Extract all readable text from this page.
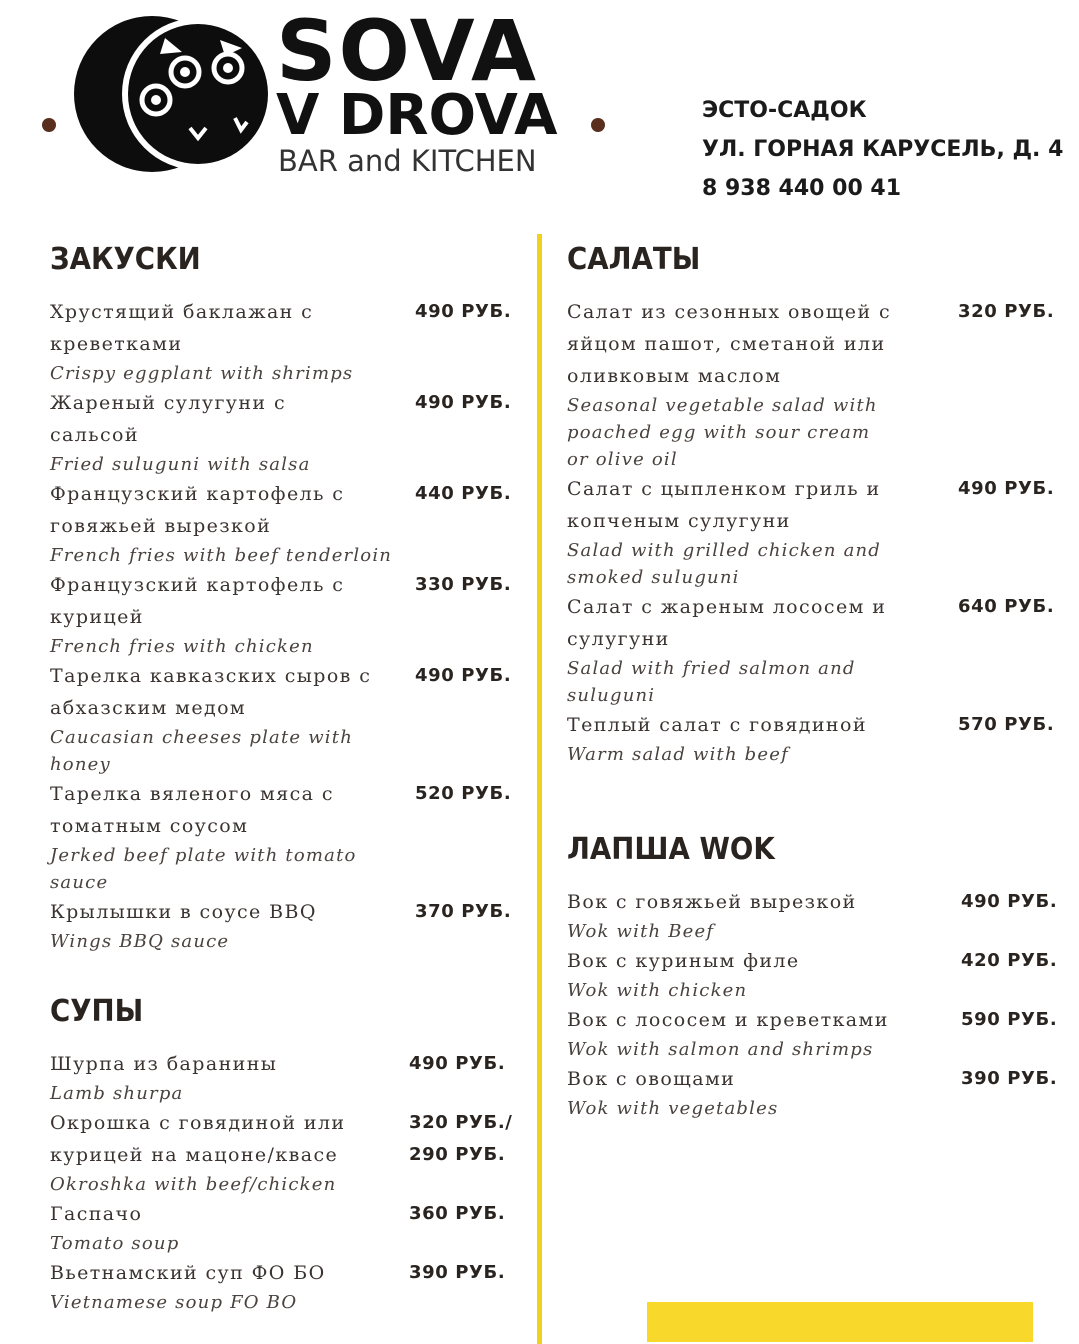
SOVA
V DROVA
BAR and KITCHEN
ЭСТО-САДОК
УЛ. ГОРНАЯ КАРУСЕЛЬ, Д. 4
8 938 440 00 41
ЗАКУСКИ
Хрустящий баклажан с
креветками
Crispy eggplant with shrimps
490 РУБ.
Жареный сулугуни с
сальсой
Fried suluguni with salsa
490 РУБ.
Французский картофель с
говяжьей вырезкой
French fries with beef tenderloin
440 РУБ.
Французский картофель с
курицей
French fries with chicken
330 РУБ.
Тарелка кавказских сыров с
абхазским медом
Caucasian cheeses plate with
honey
490 РУБ.
Тарелка вяленого мяса с
томатным соусом
Jerked beef plate with tomato
sauce
520 РУБ.
Крылышки в соусе BBQ
Wings BBQ sauce
370 РУБ.
СУПЫ
Шурпа из баранины
Lamb shurpa
490 РУБ.
Окрошка с говядиной или
курицей на мацоне/квасе
Okroshka with beef/chicken
320 РУБ./
290 РУБ.
Гаспачо
Tomato soup
360 РУБ.
Вьетнамский суп ФО БО
Vietnamese soup FO BO
390 РУБ.
САЛАТЫ
Салат из сезонных овощей с
яйцом пашот, сметаной или
оливковым маслом
Seasonal vegetable salad with
poached egg with sour cream
or olive oil
320 РУБ.
Салат с цыпленком гриль и
копченым сулугуни
Salad with grilled chicken and
smoked suluguni
490 РУБ.
Салат с жареным лососем и
сулугуни
Salad with fried salmon and
suluguni
640 РУБ.
Теплый салат с говядиной
Warm salad with beef
570 РУБ.
ЛАПША WOK
Вок с говяжьей вырезкой
Wok with Beef
490 РУБ.
Вок с куриным филе
Wok with chicken
420 РУБ.
Вок с лососем и креветками
Wok with salmon and shrimps
590 РУБ.
Вок с овощами
Wok with vegetables
390 РУБ.
